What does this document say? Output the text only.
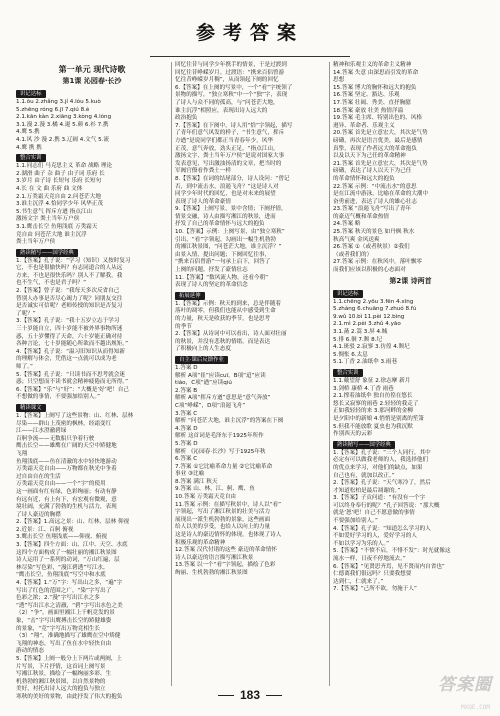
参考答案
第一单元 现代诗歌
第1课 沁园春·长沙
识记达标
1.1.ǒu 2.zhǎng 3.jí 4.lóu 5.kuò
5.zhēng róng 6.jī 7.qiú 8.è
2.1.kān kàn 2.xiāng 3.kòng 4.lóng
3.1.漫 2.漫 3.橘 4.遏 5.颜 6.衫 7.携
4.鹰 5.携
4.1.风 沙 漫 2.携 3.辽阔 4.文气 5.流
4.鹰 携 携
整合实训
1.1.同志们 马克思主义 革命 战略 理论
2.湖滑 曲子 杂 曲子 由子词 乐府 长
3.岁月 由子诗 长短句 乐府 长短句
4.长 在 文 曲 乐府 曲 文体
2.1.万类霜天竞自由 2.问苍茫大地
3.谁主沉浮 4.恰同学少年 风华正茂
5.书生意气 挥斥方遒 指点江山
激扬文字 粪土当年万户侯
3.1.鹰击长空 鱼翔浅底 万类霜天
竞自由 问苍茫大地 谁主沉浮
粪土当年万户侯
熟读精写——国学经典
1.【答案】孔子说：“学习（知识）又按时复习
它，不也是很愉快吗？有志同道合的人从远
方来，不也是很快乐吗？别人不了解我，我
也不生气，不也是君子吗？”
2.【答案】曾子说：“我每天多次反省自己
替别人办事是否尽心竭力了呢？同朋友交往
是否诚实可信呢？老师传授的知识是否复习
了呢？”
3.【答案】孔子说：“我十五岁立志于学习
三十岁能自立，四十岁能不被外界事物所迷
惑，五十岁懂得了天命，六十岁能正确对待
各种言论，七十岁能随心所欲而不越出规矩。”
4.【答案】孔子说：“温习旧知识从而得知新
的理解与体会，凭借这一点就可以成为老
师了。”
5.【答案】孔子说：“只读书而不思考就会迷
惑；只空想而不读书就会精神疲倦而无所得。”
6.【答案】“乐”与“好”：“大概是‘好’吧！自己
不想做的事情，不要强加给别人。”
精读课文
1.【答案】上阕写了这些景物：山、红林、层林
尽染——群山上茂密的枫林，经霜变红
江——江水澄澈碧绿
百舸争流——无数船只争着行驶
鹰击长空——雄鹰在广阔的天空中矫健地
飞翔
鱼翔浅底——鱼在清澈的水中轻快地游动
万类霜天竞自由——万物都在秋光中争着
过自由自在的生活
万类霜天竞自由——一个“字”的使用
这一画面有红有绿，色彩绚丽；有动有静
有远有近，有上有下，有宏观有微观，意
境壮阔，充满了勃勃的生机与活力，表现
了诗人豪迈的胸襟
2.【答案】1.高远之景：山、红林、层林 仰视
2.近景：江、百舸 俯视
3.鹰击长空 鱼翔浅底——仰视、俯视
3.【答案】四个方面：山、江中、天空、水底
这四个方面构成了一幅壮丽的湘江秋景图
诗人运用了一系列的动词，“万山红遍，层
林尽染”写色彩，“漫江碧透”写江水，
“鹰击长空，鱼翔浅底”写空中和水底
4.【答案】1.“万”字：写出山之多，“遍”字
写出了红色的范围之广，“染”字写出了
色彩之浓；2.“漫”字写出江水之多
“透”写出江水之清澈，“碧”字写出水色之美
（2）“争”，画面里湘江上千帆竞发的景
象，“击”字写出鹰搏击长空的矫健雄姿
的景象，“竞”字写出万物竞相生长
（3）“翔”，准确地描写了雄鹰在空中矫健
飞翔的神态，写出了鱼在水中轻快自由
游动的情态
5.【答案】上阕一般分上下两片或两阕，上
片写景，下片抒情，这首词上阕写景
写湘江秋景，描绘了一幅绚丽多彩、生
机勃勃的湘江秋景图，以自然景物的
美好，衬托出诗人远大的抱负与独立
寒秋的美好的景物，由此抒发了伟大的抱负
回忆往昔与同学少年携手的情景，于是过渡到
回忆往昔峥嵘岁月。过渡语：“携来百侣曾游
忆往昔峥嵘岁月稠”，从而领起下阕的回忆
6.【答案】在上阕的写景中，一个“看”字统领了
景物的描写，“独立寒秋”中一个“独”字，表现
了诗人与众不同的孤高，与“问苍茫大地，
谁主沉浮”相照应，表现出诗人远大的
政治抱负
7.【答案】在下阕中，诗人用“恰”字领起，描写
了青年们意气风发的样子，“书生意气，挥斥
方遒”是说同学们都正当青春年少，风华
正茂，意气奔放，劲头正足，“指点江山，
激扬文字，粪土当年万户侯”是说对国家大事
发表意见，写出激浊扬清的文章，把当时的
军阀官僚看作粪土一样
8.【答案】在词的结尾部分，诗人设问：“曾记
否，到中流击水，浪遏飞舟？”这是诗人对
同学少年时代的回忆，也是对未来的展望
表现了诗人的革命豪情
9.【答案】上阕写景，景中含情；下阕抒情，
情景交融，诗人由描写湘江的秋景，进而
抒发了自己的革命情怀与远大的抱负
10.【答案】示例：上阕写景，由“独立寒秋”
引出，“看”字领起，勾画出一幅生机勃勃
的湘江秋景图，“问苍茫大地，谁主沉浮？”
由景入情，提出问题；下阕回忆往事，
“携来百侣曾游”一句承上启下，回答了
上阕的问题，抒发了豪情壮志
11.【答案】“数风流人物，还看今朝”
表现了诗人的坚定的革命信念
拓展延伸
1.【答案】示例：秋天的到来，总是伴随着
落叶的凋零，但我们也能从中感受到生命
的力量，秋天是收获的季节，也是思考
的季节
2.【答案】从诗词中可以看出，诗人面对壮丽
的秋景，并没有悲秋的情绪，而是表达
了积极向上的人生态度
自主·课后反馈作业
1.答案 D
解析 A项“崔”应读cuī，B项“迢”应读
tiáo，C项“遒”应读qiú
2.答案 B
解析 A项“挥斥方遒”意思是“意气奔放”
C项“峥嵘”，D项“浪遏飞舟”
3.答案 C
解析 “问苍茫大地，谁主沉浮”的答案在下阕
4.答案 D
解析 这首词是毛泽东于1925年所作
5.答案 D
解析 《沁园春·长沙》写于1925年秋
6.答案 C
7.答案 ①它比喻革命力量 ②它比喻革命
事业 ③比喻
8.答案 满江 秋天
9.答案 山、林、江、舸、鹰、鱼
10.答案 万类霜天竞自由
11.答案 示例：在描写秋景中，诗人以“看”
字领起，写出了湘江秋景的壮美与活力
展现出一派生机勃勃的景象，这些画面
给人以美的享受，也给人以向上的力量
这是诗人的豪迈情怀的体现，也体现了诗人
积极乐观的革命精神
12.答案 汉代付诸的这些 豪迈的革命情怀
诗人以豪迈的语言描写湘江秋景
13.答案 以一个“看”字领起，描绘了色彩
绚丽、生机勃勃的湘江秋景图
精神和乐观主义的革命主义精神
14.答案 失意 由深思而引发的革命
思想
15.答案 博大的胸怀和远大的抱负
16.答案 坚定、豁达、乐观
17.答案 壮阔、秀美、直抒胸臆
18.答案 豪放 壮美 热情洋溢
19.答案 毛主席、特别出色的、风格
迥异、革命者、乐观主义
20.答案 首先是立意宏大，其次是气势
磅礴，再次是语言优美，最后是感情
真挚，表现了作者远大的革命抱负
以及以天下为己任的革命精神
21.答案 首先是立意宏大，其次是气势
磅礴，表达了诗人以天下为己任
的革命情怀和远大的抱负
22.答案 示例：“中流击水”的意思
是在江流中游泳，比喻在革命的大潮中
奋勇前进，表达了诗人的雄心壮志
23.答案 “浪遏飞舟”写出了青年
的豪迈气概和革命热情
24.答案 略
25.答案 秋天的景色 如丹枫 秋水
秋高气爽 金风送爽
26.答案 ①（或者秋景）②我们
（或者我们的）
27.答案 示例：在秋风中，落叶飘零
而我们应该以积极的心态面对
第2课 诗两首
识记达标
1.1.chēng 2.yōu 3.fēn 4.xīng
5.zhàng 6.chuāng 7.zhuó 8.fú
9.wǔ 10.bì 11.pèi 12.bìng
2.1.mì 2.pèi 3.zhǔ 4.yāo
3.1.菡 2.篙 3.屏 4.缄
5.徘 6.徊 7.颓 8.圮
4.1.斑驳 2.寂寥 3.彷徨 4.颓圮
5.惆怅 6.太息
5.1.丁香 2.油纸伞 3.雨巷
整合实训
1.1.戴望舒 象征 2.徐志摩 新月
3.剑桥 康桥 4.丁香 雨巷
2.1.撑着油纸伞 独自彷徨在悠长
悠长又寂寥的雨巷 2.轻轻的我走了
正如我轻轻的来 3.那河畔的金柳
是夕阳中的新娘 4.悄悄是别离的笙箫
5.但我不能放歌 夏虫也为我沉默
作别西天的云彩
熟读精写——国学经典
1.【答案】孔子说：“三个人同行，其中
必定有可以做我老师的人，我选择他们
的优点来学习，对他们的缺点，如果
自己也有，就加以改正。”
2.【答案】孔子说：“天气寒冷了，然后
才知道松柏是最后凋谢的。”
3.【答案】子贡问道：“有没有一个字
可以终身奉行的呢？”孔子回答说：“那大概
就是‘恕’吧！自己不愿意做的事情
不要强加给别人。”
4.【答案】孔子说：“知道怎么学习的人
不如爱好学习的人，爱好学习的人
不如以学习为乐的人。”
5.【答案】“不愤不启，不悱不发”：时光就像这
流水一样，日夜不停地流去。”
6.【答案】“见贤思齐焉，见不贤而内自省也”
仁德离我们很远吗？只要我想要
达到仁，仁就来了。”
7.【答案】“己所不欲，勿施于人”
183	答案圈
MXQE.COM
